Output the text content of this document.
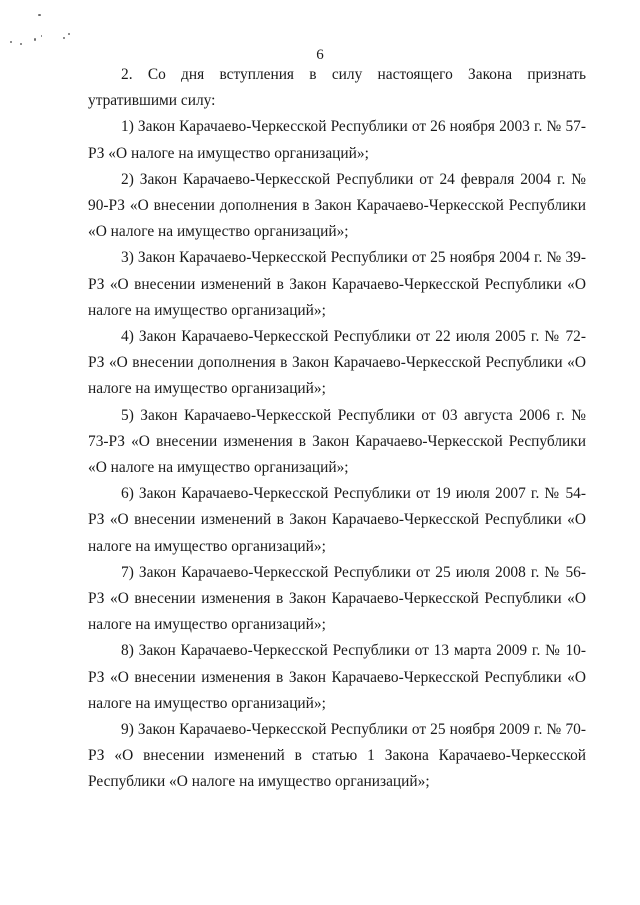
6

2. Со дня вступления в силу настоящего Закона признать утратившими силу:

1) Закон Карачаево-Черкесской Республики от 26 ноября 2003 г. № 57-РЗ «О налоге на имущество организаций»;
2) Закон Карачаево-Черкесской Республики от 24 февраля 2004 г. № 90-РЗ «О внесении дополнения в Закон Карачаево-Черкесской Республики «О налоге на имущество организаций»;
3) Закон Карачаево-Черкесской Республики от 25 ноября 2004 г. № 39-РЗ «О внесении изменений в Закон Карачаево-Черкесской Республики «О налоге на имущество организаций»;
4) Закон Карачаево-Черкесской Республики от 22 июля 2005 г. № 72-РЗ «О внесении дополнения в Закон Карачаево-Черкесской Республики «О налоге на имущество организаций»;
5) Закон Карачаево-Черкесской Республики от 03 августа 2006 г. № 73-РЗ «О внесении изменения в Закон Карачаево-Черкесской Республики «О налоге на имущество организаций»;
6) Закон Карачаево-Черкесской Республики от 19 июля 2007 г. № 54-РЗ «О внесении изменений в Закон Карачаево-Черкесской Республики «О налоге на имущество организаций»;
7) Закон Карачаево-Черкесской Республики от 25 июля 2008 г. № 56-РЗ «О внесении изменения в Закон Карачаево-Черкесской Республики «О налоге на имущество организаций»;
8) Закон Карачаево-Черкесской Республики от 13 марта 2009 г. № 10-РЗ «О внесении изменения в Закон Карачаево-Черкесской Республики «О налоге на имущество организаций»;
9) Закон Карачаево-Черкесской Республики от 25 ноября 2009 г. № 70-РЗ «О внесении изменений в статью 1 Закона Карачаево-Черкесской Республики «О налоге на имущество организаций»;
